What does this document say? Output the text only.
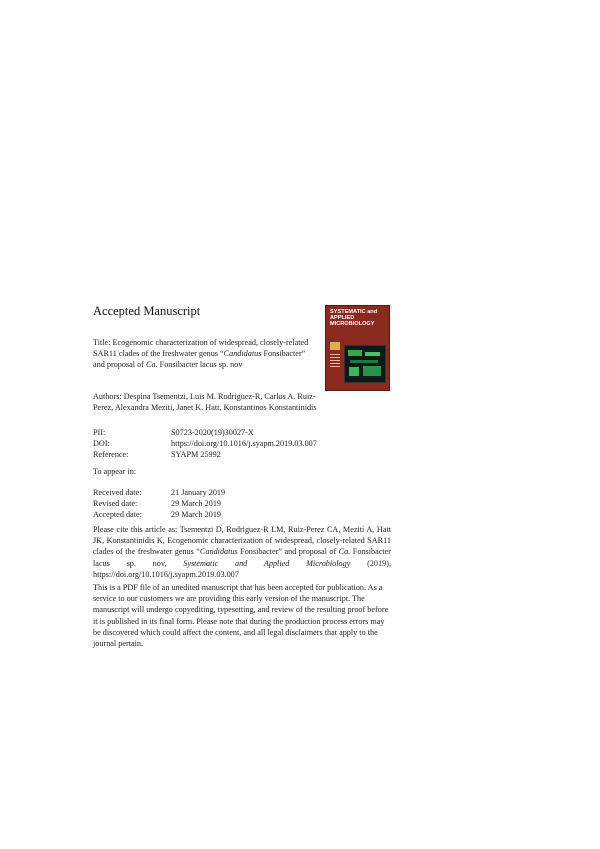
Accepted Manuscript
Title: Ecogenomic characterization of widespread, closely-related SAR11 clades of the freshwater genus “Candidatus Fonsibacter” and proposal of Ca. Fonsibacter lacus sp. nov
SYSTEMATIC and APPLIED MICROBIOLOGY
Authors: Despina Tsementzi, Luis M. Rodriguez-R, Carlos A. Ruiz-Perez, Alexandra Meziti, Janet K. Hatt, Konstantinos Konstantinidis
PII:	S0723-2020(19)30027-X
DOI:	https://doi.org/10.1016/j.syapm.2019.03.007
Reference:	SYAPM 25992
To appear in:
Received date:	21 January 2019
Revised date:	29 March 2019
Accepted date:	29 March 2019
Please cite this article as: Tsementzi D, Rodriguez-R LM, Ruiz-Perez CA, Meziti A, Hatt JK, Konstantinidis K, Ecogenomic characterization of widespread, closely-related SAR11 clades of the freshwater genus “Candidatus Fonsibacter” and proposal of Ca. Fonsibacter lacus sp. nov, Systematic and Applied Microbiology (2019), https://doi.org/10.1016/j.syapm.2019.03.007
This is a PDF file of an unedited manuscript that has been accepted for publication. As a service to our customers we are providing this early version of the manuscript. The manuscript will undergo copyediting, typesetting, and review of the resulting proof before it is published in its final form. Please note that during the production process errors may be discovered which could affect the content, and all legal disclaimers that apply to the journal pertain.
